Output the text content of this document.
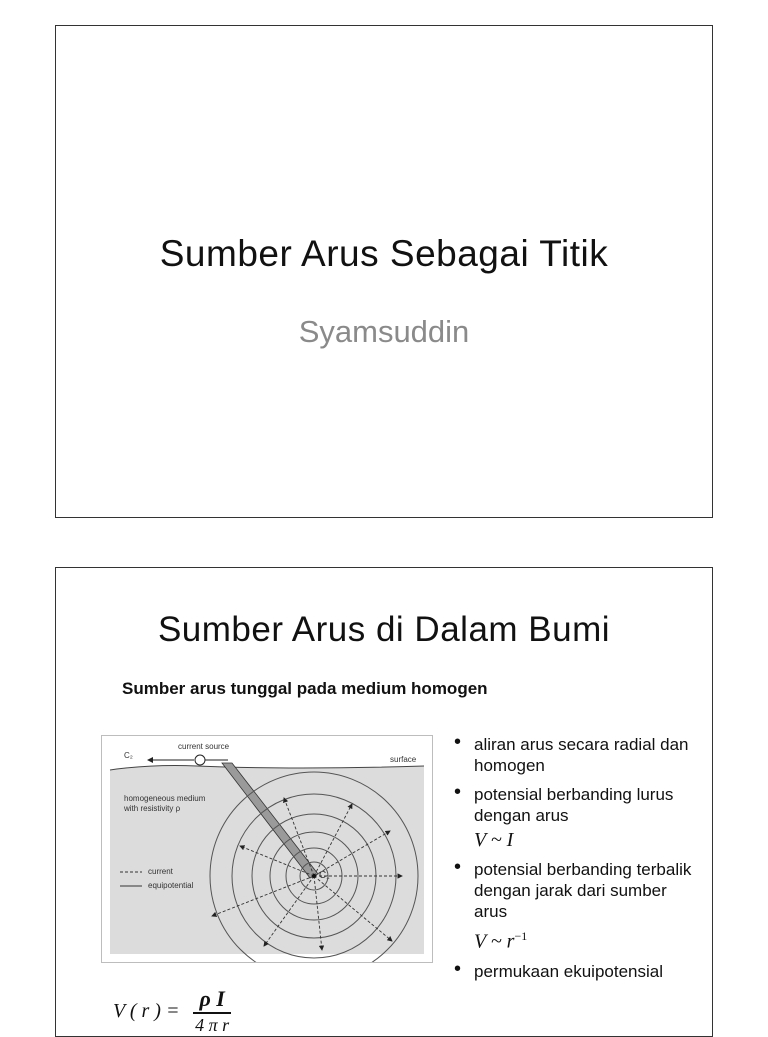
Sumber Arus Sebagai Titik
Syamsuddin
Sumber Arus di Dalam Bumi
Sumber arus tunggal pada medium homogen
C₂
current source
surface
homogeneous medium
with resistivity ρ
current
equipotential
C₁
• aliran arus secara radial dan homogen
• potensial berbanding lurus dengan arus
V ~ I
• potensial berbanding terbalik dengan jarak dari sumber arus
V ~ $r^{-1}$
• permukaan ekuipotensial
V ( r ) = $\frac{\text{ρ I}}{\text{4 π r}}$
